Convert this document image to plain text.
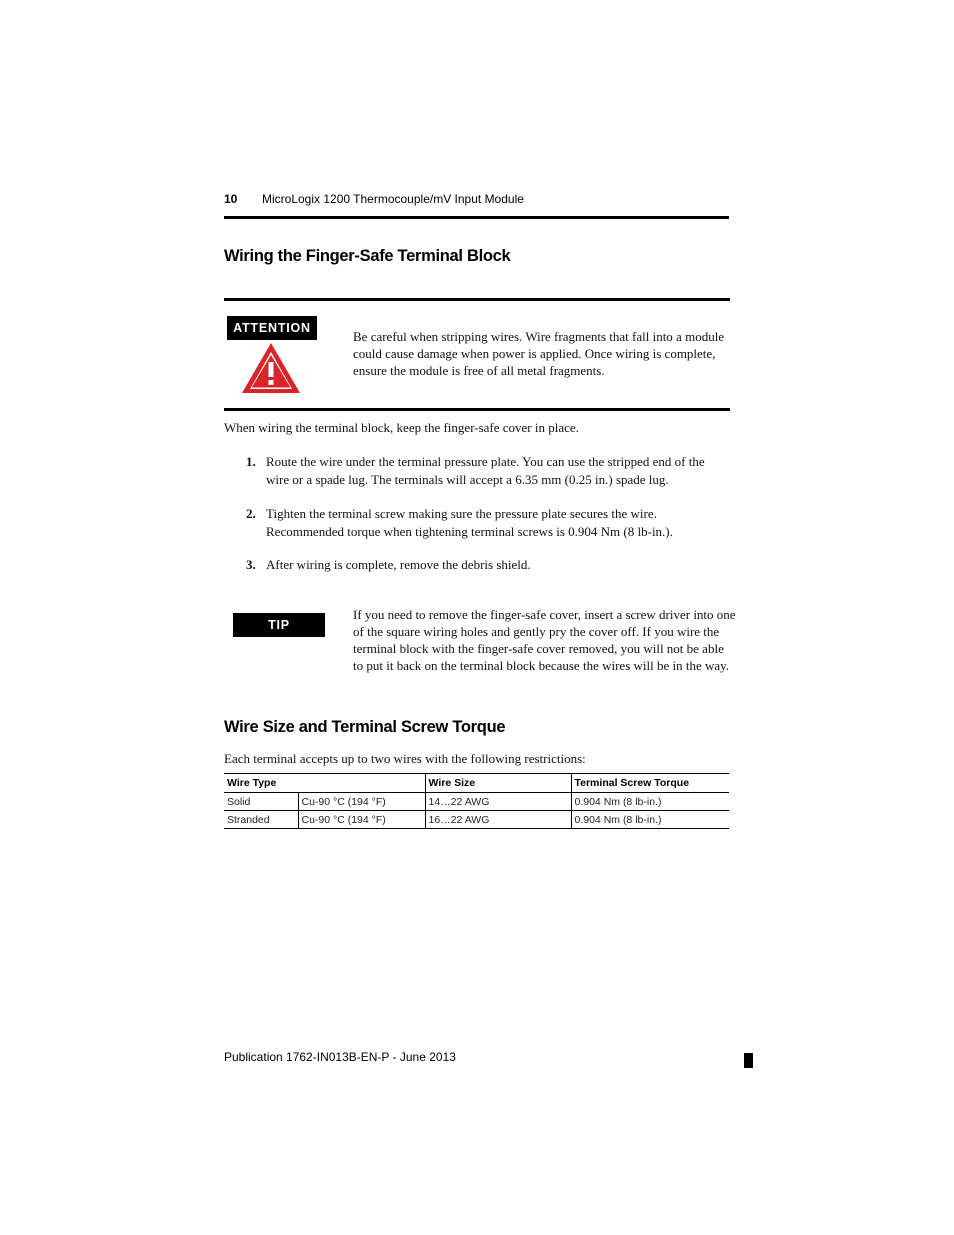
10 MicroLogix 1200 Thermocouple/mV Input Module
Wiring the Finger-Safe Terminal Block
ATTENTION
Be careful when stripping wires. Wire fragments that fall into a module
could cause damage when power is applied. Once wiring is complete,
ensure the module is free of all metal fragments.
When wiring the terminal block, keep the finger-safe cover in place.
1. Route the wire under the terminal pressure plate. You can use the stripped end of the
wire or a spade lug. The terminals will accept a 6.35 mm (0.25 in.) spade lug.
2. Tighten the terminal screw making sure the pressure plate secures the wire.
Recommended torque when tightening terminal screws is 0.904 Nm (8 lb-in.).
3. After wiring is complete, remove the debris shield.
TIP
If you need to remove the finger-safe cover, insert a screw driver into one
of the square wiring holes and gently pry the cover off. If you wire the
terminal block with the finger-safe cover removed, you will not be able
to put it back on the terminal block because the wires will be in the way.
Wire Size and Terminal Screw Torque
Each terminal accepts up to two wires with the following restrictions:
Wire Type		Wire Size	Terminal Screw Torque
Solid	Cu-90 °C (194 °F)	14…22 AWG	0.904 Nm (8 lb-in.)
Stranded	Cu-90 °C (194 °F)	16…22 AWG	0.904 Nm (8 lb-in.)
Publication 1762-IN013B-EN-P - June 2013
